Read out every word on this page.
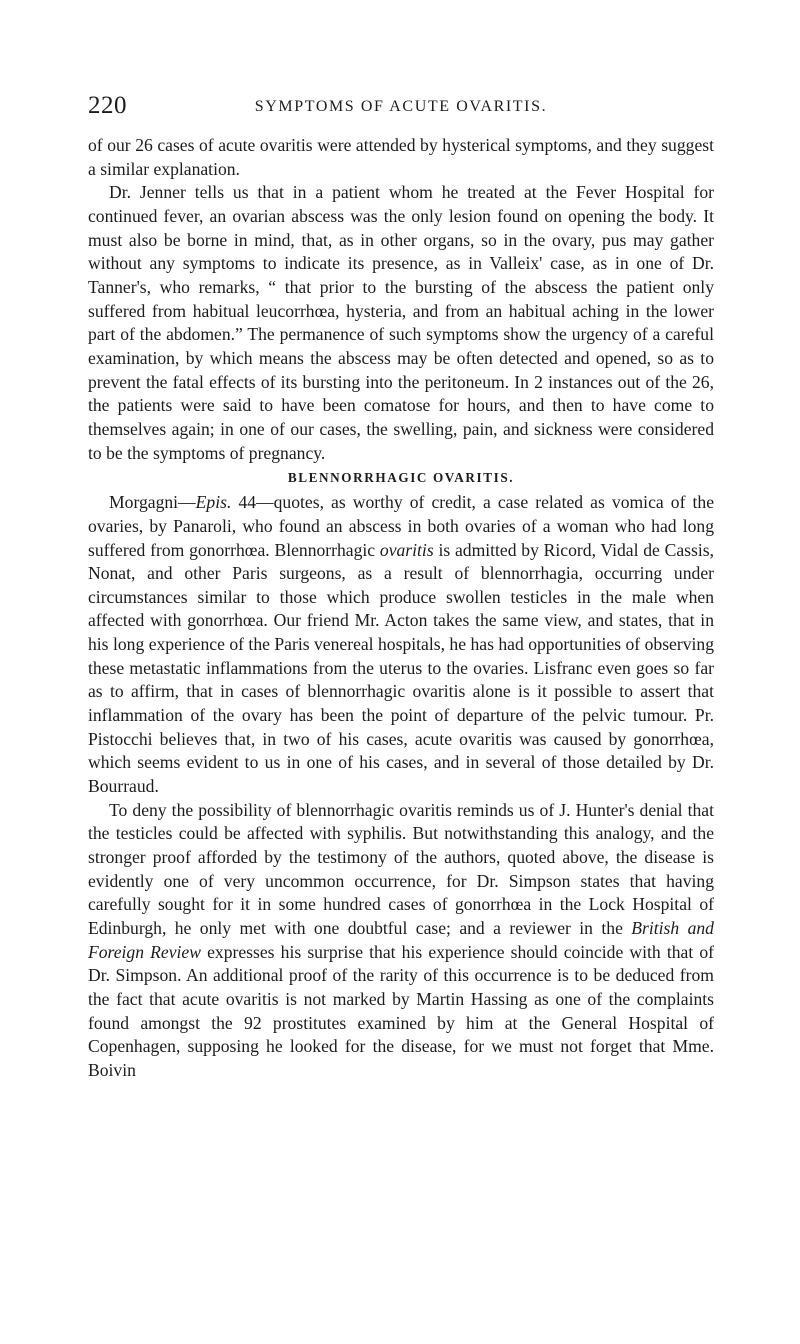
220	SYMPTOMS OF ACUTE OVARITIS.

of our 26 cases of acute ovaritis were attended by hysterical symptoms, and they suggest a similar explanation.

Dr. Jenner tells us that in a patient whom he treated at the Fever Hospital for continued fever, an ovarian abscess was the only lesion found on opening the body. It must also be borne in mind, that, as in other organs, so in the ovary, pus may gather without any symptoms to indicate its presence, as in Valleix' case, as in one of Dr. Tanner's, who remarks, “ that prior to the bursting of the abscess the patient only suffered from habitual leucorrhœa, hysteria, and from an habitual aching in the lower part of the abdomen.” The permanence of such symptoms show the urgency of a careful examination, by which means the abscess may be often detected and opened, so as to prevent the fatal effects of its bursting into the peritoneum. In 2 instances out of the 26, the patients were said to have been comatose for hours, and then to have come to themselves again; in one of our cases, the swelling, pain, and sickness were considered to be the symptoms of pregnancy.

BLENNORRHAGIC OVARITIS.

Morgagni—Epis. 44—quotes, as worthy of credit, a case related as vomica of the ovaries, by Panaroli, who found an abscess in both ovaries of a woman who had long suffered from gonorrhœa. Blennorrhagic ovaritis is admitted by Ricord, Vidal de Cassis, Nonat, and other Paris surgeons, as a result of blennorrhagia, occurring under circumstances similar to those which produce swollen testicles in the male when affected with gonorrhœa. Our friend Mr. Acton takes the same view, and states, that in his long experience of the Paris venereal hospitals, he has had opportunities of observing these metastatic inflammations from the uterus to the ovaries. Lisfranc even goes so far as to affirm, that in cases of blennorrhagic ovaritis alone is it possible to assert that inflammation of the ovary has been the point of departure of the pelvic tumour. Pr. Pistocchi believes that, in two of his cases, acute ovaritis was caused by gonorrhœa, which seems evident to us in one of his cases, and in several of those detailed by Dr. Bourraud.

To deny the possibility of blennorrhagic ovaritis reminds us of J. Hunter's denial that the testicles could be affected with syphilis. But notwithstanding this analogy, and the stronger proof afforded by the testimony of the authors, quoted above, the disease is evidently one of very uncommon occurrence, for Dr. Simpson states that having carefully sought for it in some hundred cases of gonorrhœa in the Lock Hospital of Edinburgh, he only met with one doubtful case; and a reviewer in the British and Foreign Review expresses his surprise that his experience should coincide with that of Dr. Simpson. An additional proof of the rarity of this occurrence is to be deduced from the fact that acute ovaritis is not marked by Martin Hassing as one of the complaints found amongst the 92 prostitutes examined by him at the General Hospital of Copenhagen, supposing he looked for the disease, for we must not forget that Mme. Boivin
